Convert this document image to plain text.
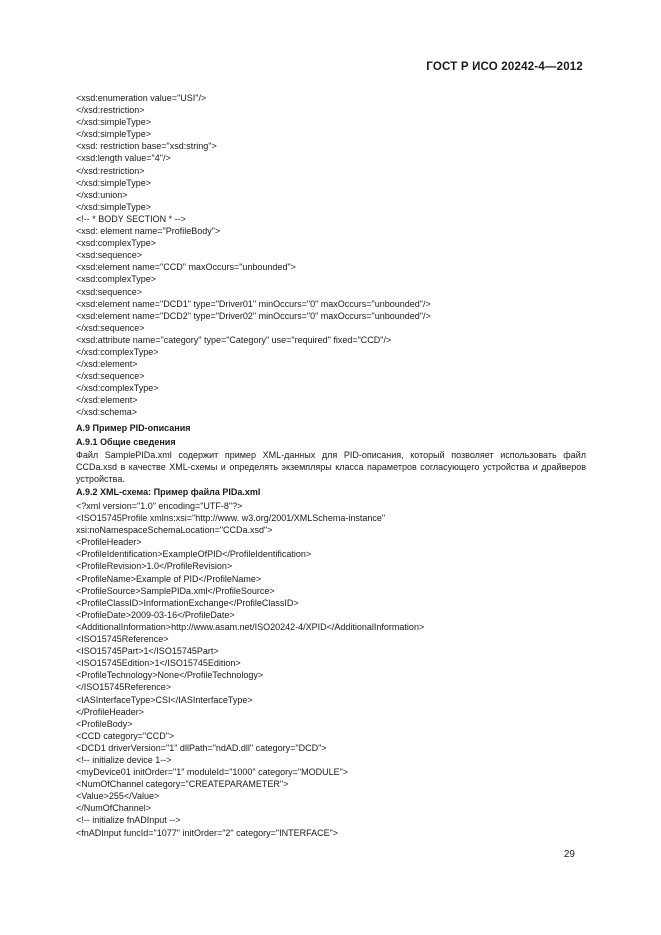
ГОСТ Р ИСО 20242-4—2012
<xsd:enumeration value="USI"/>
</xsd:restriction>
</xsd:simpleType>
</xsd:simpleType>
<xsd: restriction base="xsd:string">
<xsd:length value="4"/>
</xsd:restriction>
</xsd:simpleType>
</xsd:union>
</xsd:simpleType>
<!-- * BODY SECTION * -->
<xsd: element name="ProfileBody">
<xsd:complexType>
<xsd:sequence>
<xsd:element name="CCD" maxOccurs="unbounded">
<xsd:complexType>
<xsd:sequence>
<xsd:element name="DCD1" type="Driver01" minOccurs="0" maxOccurs="unbounded"/>
<xsd:element name="DCD2" type="Driver02" minOccurs="0" maxOccurs="unbounded"/>
</xsd:sequence>
<xsd:attribute name="category" type="Category" use="required" fixed="CCD"/>
</xsd:complexType>
</xsd:element>
</xsd:sequence>
</xsd:complexType>
</xsd:element>
</xsd:schema>
А.9 Пример PID-описания
А.9.1 Общие сведения
Файл SamplePIDa.xml содержит пример XML-данных для PID-описания, который позволяет использовать файл CCDa.xsd в качестве XML-схемы и определять экземпляры класса параметров согласующего устройства и драйверов устройства.
А.9.2 XML-схема: Пример файла PIDa.xml
<?xml version="1.0" encoding="UTF-8"?>
<ISO15745Profile xmlns:xsi="http://www. w3.org/2001/XMLSchema-instance"
xsi:noNamespaceSchemaLocation="CCDa.xsd">
<ProfileHeader>
<ProfileIdentification>ExampleOfPID</ProfileIdentification>
<ProfileRevision>1.0</ProfileRevision>
<ProfileName>Example of PID</ProfileName>
<ProfileSource>SamplePIDa.xml</ProfileSource>
<ProfileClassID>InformationExchange</ProfileClassID>
<ProfileDate>2009-03-16</ProfileDate>
<AdditionalInformation>http://www.asam.net/ISO20242-4/XPID</AdditionalInformation>
<ISO15745Reference>
<ISO15745Part>1</ISO15745Part>
<ISO15745Edition>1</ISO15745Edition>
<ProfileTechnology>None</ProfileTechnology>
</ISO15745Reference>
<IASInterfaceType>CSI</IASInterfaceType>
</ProfileHeader>
<ProfileBody>
<CCD category="CCD">
<DCD1 driverVersion="1" dllPath="ndAD.dll" category="DCD">
<!-- initialize device 1-->
<myDevice01 initOrder="1" moduleId="1000" category="MODULE">
<NumOfChannel category="CREATEPARAMETER">
<Value>255</Value>
</NumOfChannel>
<!-- initialize fnADInput -->
<fnADInput funcId="1077" initOrder="2" category="INTERFACE">
29
